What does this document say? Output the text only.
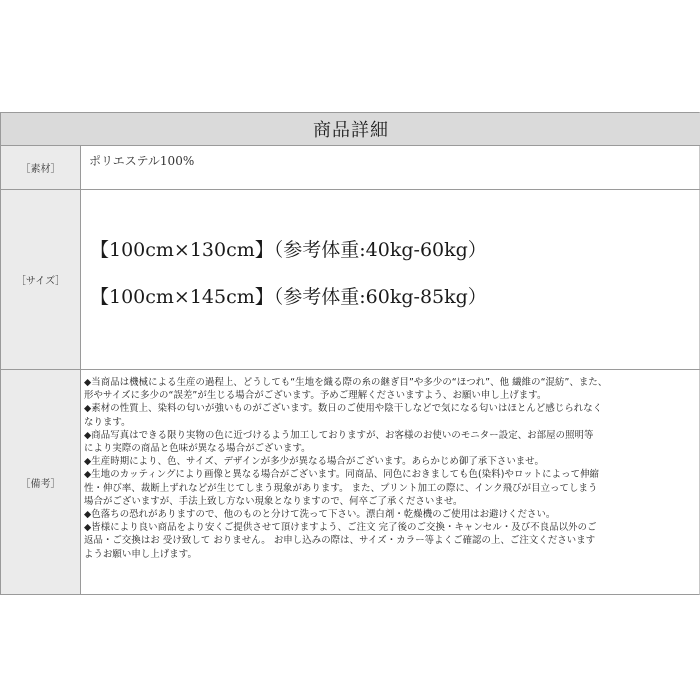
商品詳細
［素材］
ポリエステル100%
［サイズ］
【100cm×130cm】（参考体重:40kg-60kg）
【100cm×145cm】（参考体重:60kg-85kg）
［備考］
◆当商品は機械による生産の過程上、どうしても“生地を織る際の糸の継ぎ目”や多少の“ほつれ”、他 繊維の“混紡”、また、
形やサイズに多少の“誤差”が生じる場合がございます。予めご理解くださいますよう、お願い申し上げます。
◆素材の性質上、染料の匂いが強いものがございます。数日のご使用や陰干しなどで気になる匂いはほとんど感じられなく
なります。
◆商品写真はできる限り実物の色に近づけるよう加工しておりますが、お客様のお使いのモニター設定、お部屋の照明等
により実際の商品と色味が異なる場合がございます。
◆生産時期により、色、サイズ、デザインが多少が異なる場合がございます。あらかじめ御了承下さいませ。
◆生地のカッティングにより画像と異なる場合がございます。同商品、同色におきましても色(染料)やロットによって伸縮
性・伸び率、裁断上ずれなどが生じてしまう現象があります。 また、プリント加工の際に、インク飛びが目立ってしまう
場合がございますが、手法上致し方ない現象となりますので、何卒ご了承くださいませ。
◆色落ちの恐れがありますので、他のものと分けて洗って下さい。漂白剤・乾燥機のご使用はお避けください。
◆皆様により良い商品をより安くご提供させて頂けますよう、ご注文 完了後のご交換・キャンセル・及び不良品以外のご
返品・ご交換はお 受け致して おりません。 お申し込みの際は、サイズ・カラー等よくご確認の上、ご注文くださいます
ようお願い申し上げます。
